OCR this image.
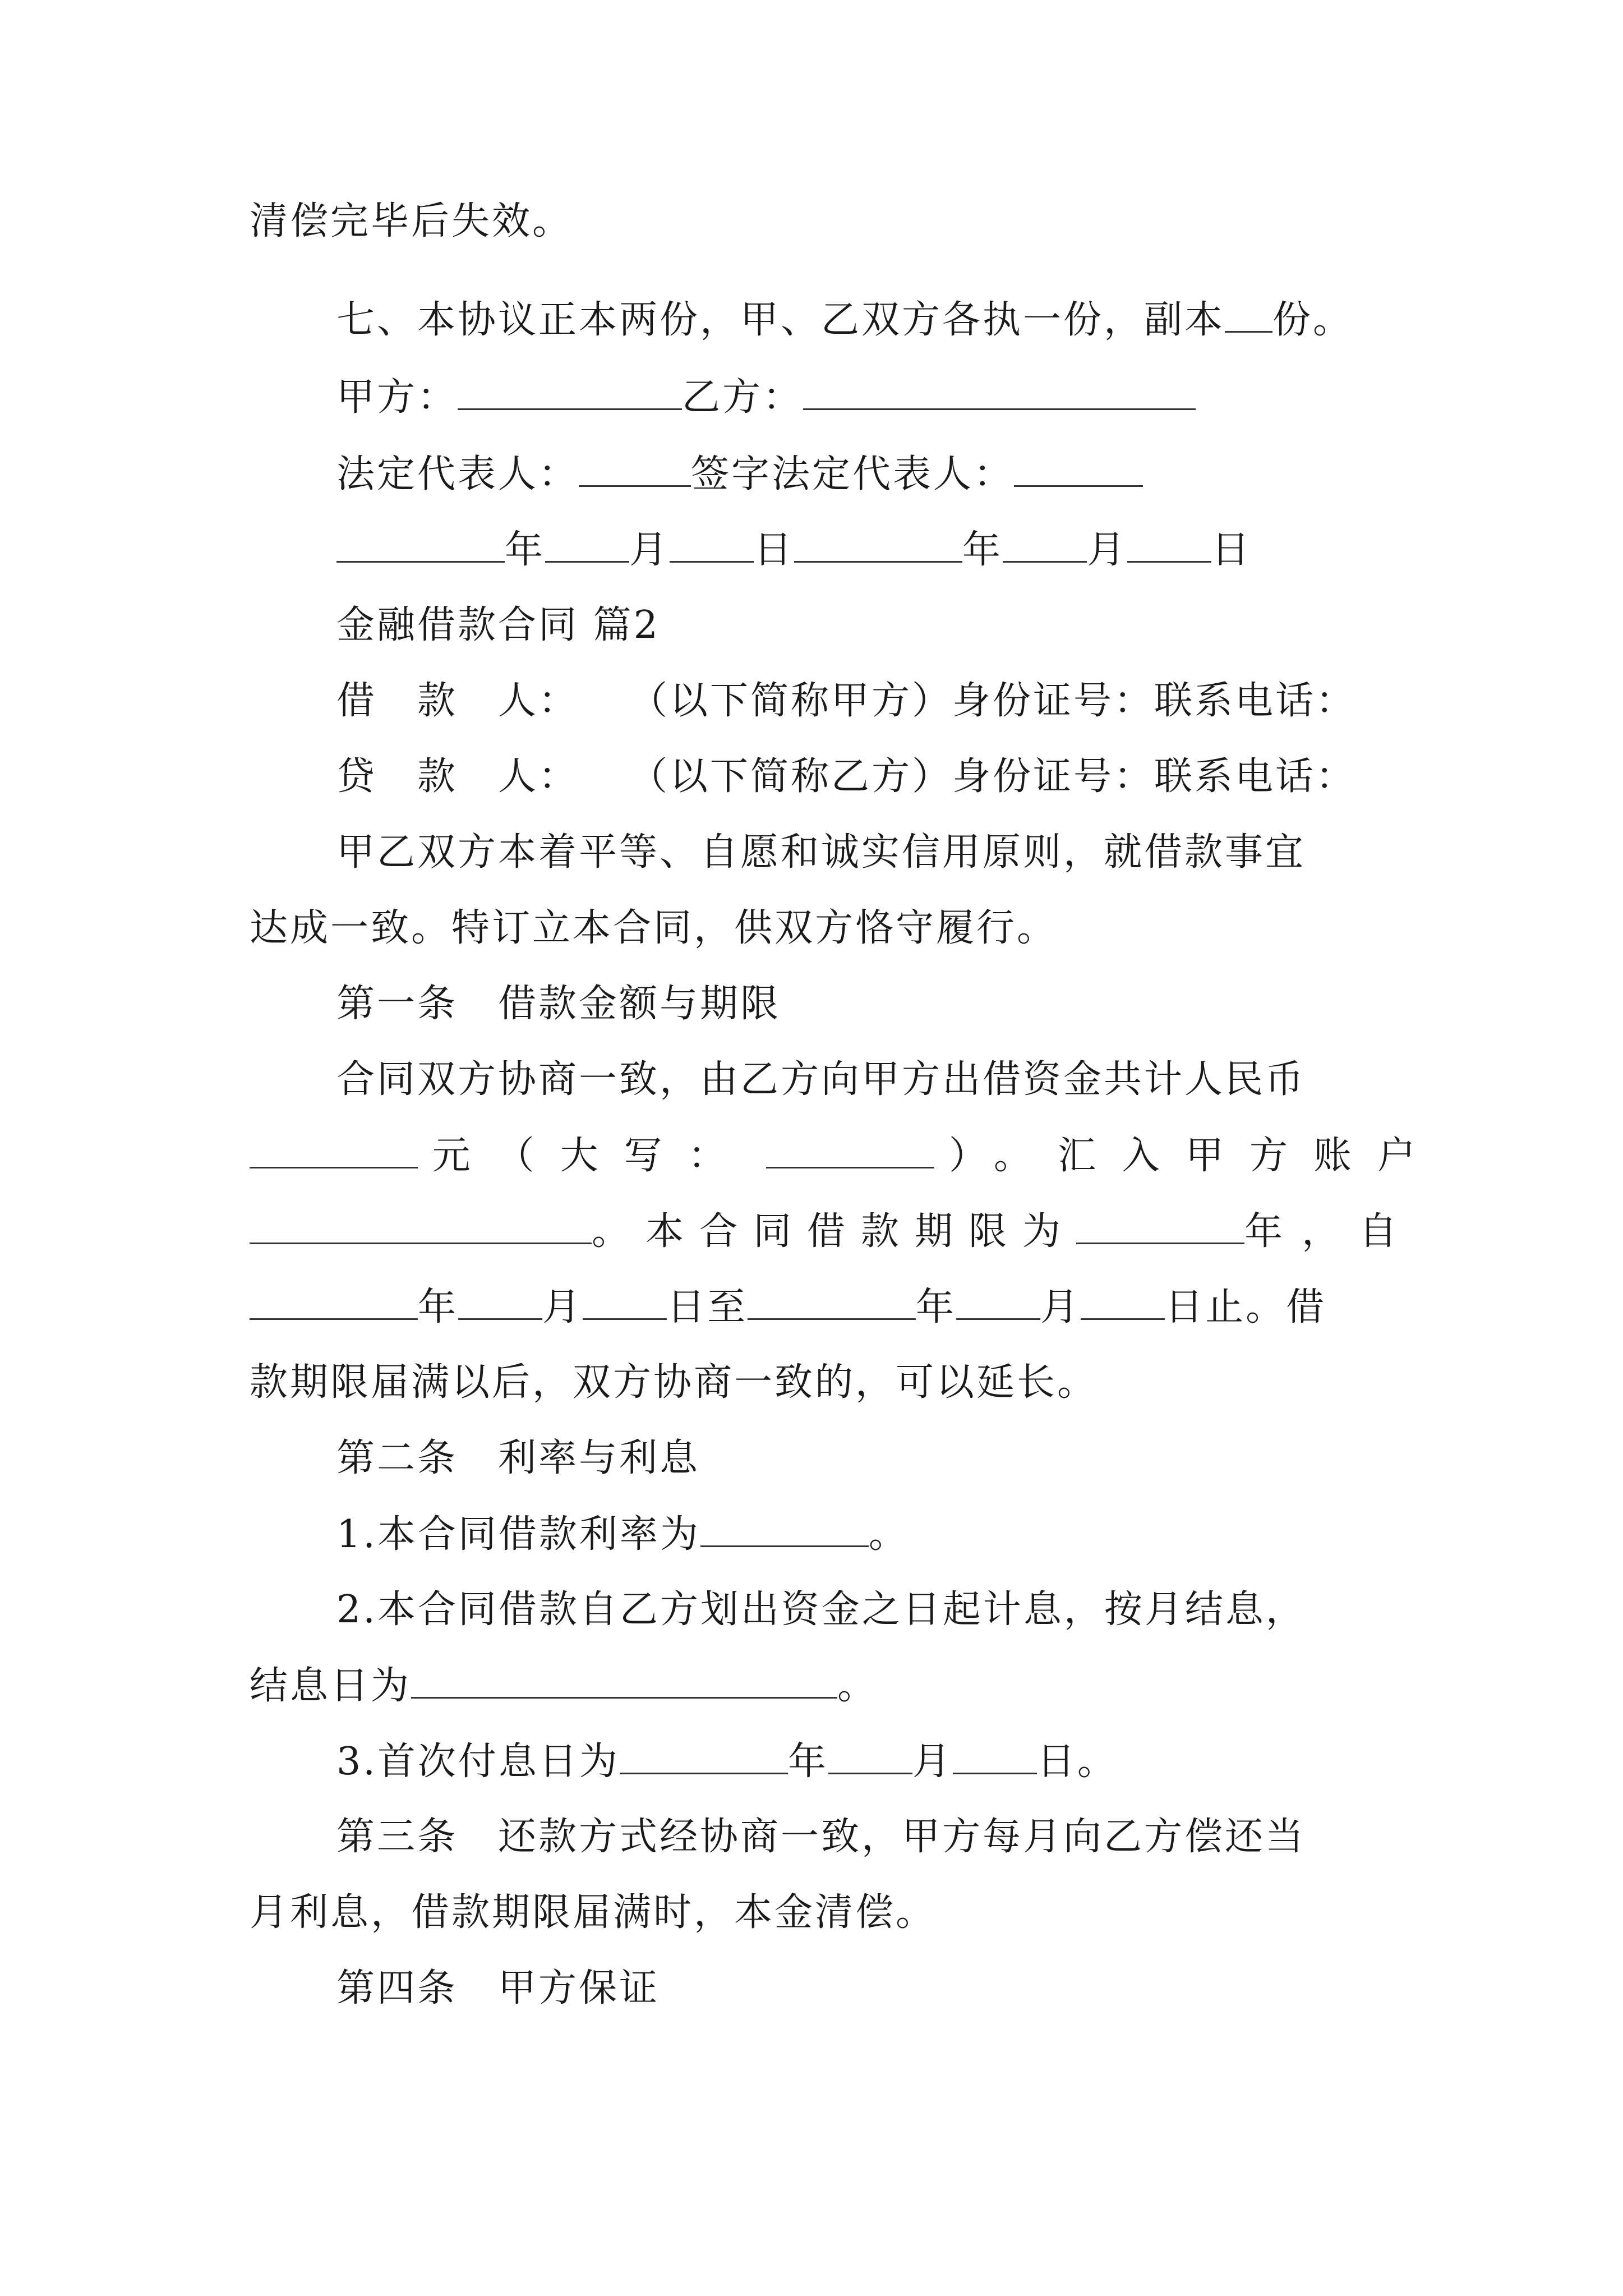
清偿完毕后失效。
七、本协议正本两份，甲、乙双方各执一份，副本 份。
甲方：	乙方：
法定代表人：	签字法定代表人：
年 月 日	年 月 日
金融借款合同 篇2
借　款　人： （以下简称甲方）身份证号：联系电话：
贷　款　人： （以下简称乙方）身份证号：联系电话：
甲乙双方本着平等、自愿和诚实信用原则，就借款事宜
达成一致。特订立本合同，供双方恪守履行。
第一条　借款金额与期限
合同双方协商一致，由乙方向甲方出借资金共计人民币
元（大写：	）。汇入甲方账户
。本合同借款期限为	年，自
年 月 日至	年 月 日止。借
款期限届满以后，双方协商一致的，可以延长。
第二条　利率与利息
1.本合同借款利率为	。
2.本合同借款自乙方划出资金之日起计息，按月结息，
结息日为	。
3.首次付息日为	年 月 日。
第三条　还款方式经协商一致，甲方每月向乙方偿还当
月利息，借款期限届满时，本金清偿。
第四条　甲方保证
